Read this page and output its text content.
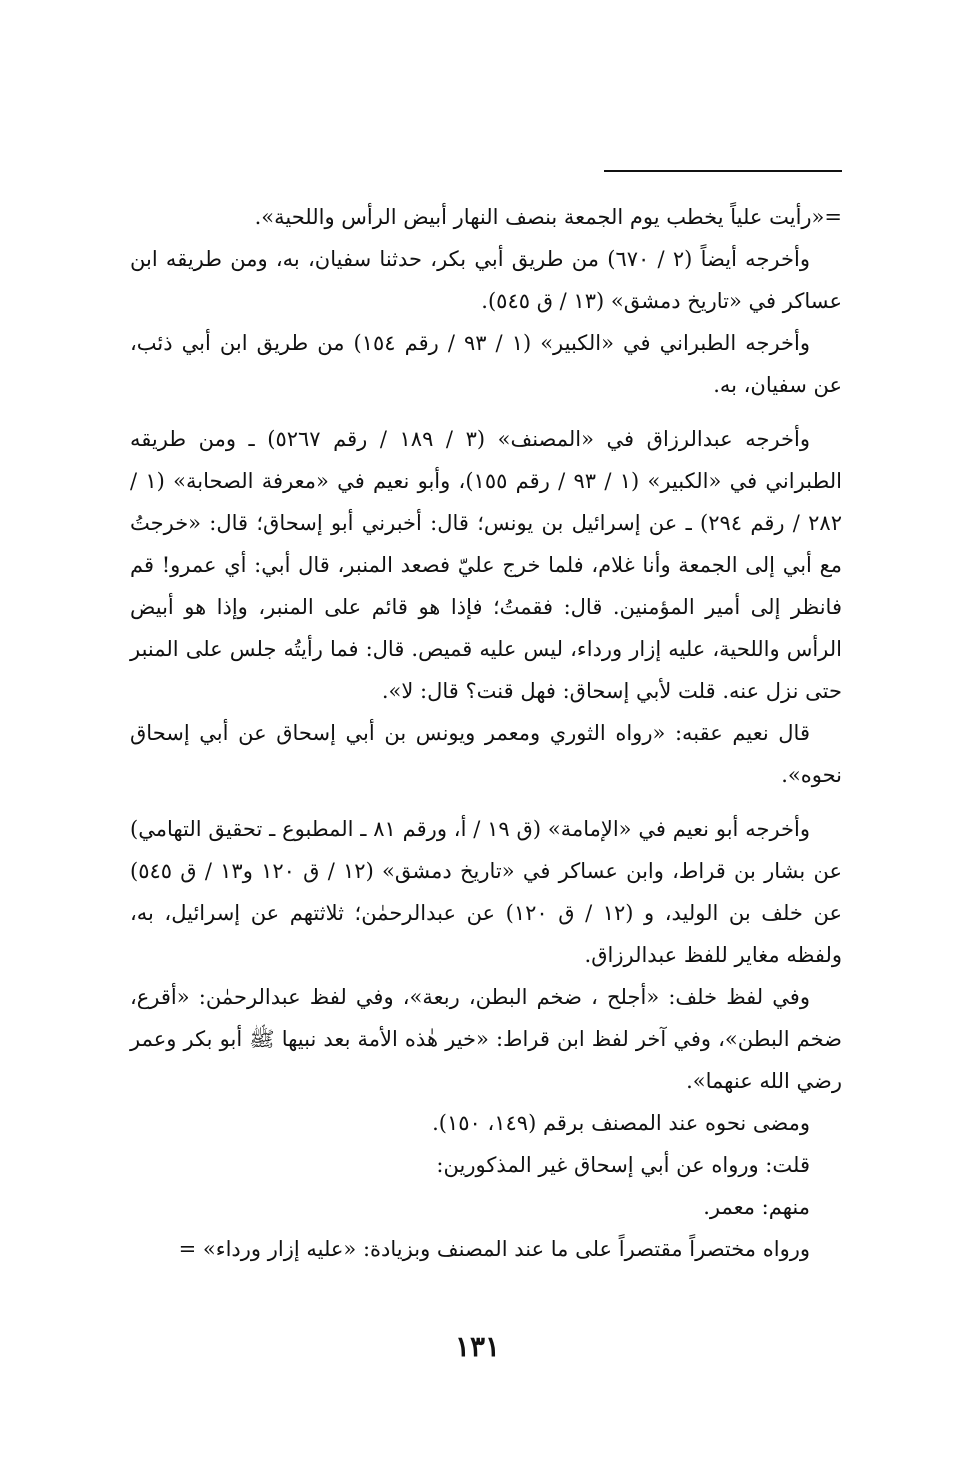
=«رأيت علياً يخطب يوم الجمعة بنصف النهار أبيض الرأس واللحية».

وأخرجه أيضاً (٢ / ٦٧٠) من طريق أبي بكر، حدثنا سفيان، به، ومن طريقه ابن عساكر في «تاريخ دمشق» (١٣ / ق ٥٤٥).

وأخرجه الطبراني في «الكبير» (١ / ٩٣ / رقم ١٥٤) من طريق ابن أبي ذئب، عن سفيان، به.

وأخرجه عبدالرزاق في «المصنف» (٣ / ١٨٩ / رقم ٥٢٦٧) ـ ومن طريقه الطبراني في «الكبير» (١ / ٩٣ / رقم ١٥٥)، وأبو نعيم في «معرفة الصحابة» (١ / ٢٨٢ / رقم ٢٩٤) ـ عن إسرائيل بن يونس؛ قال: أخبرني أبو إسحاق؛ قال: «خرجتُ مع أبي إلى الجمعة وأنا غلام، فلما خرج عليّ فصعد المنبر، قال أبي: أي عمرو! قم فانظر إلى أمير المؤمنين. قال: فقمتُ؛ فإذا هو قائم على المنبر، وإذا هو أبيض الرأس واللحية، عليه إزار ورداء، ليس عليه قميص. قال: فما رأيتُه جلس على المنبر حتى نزل عنه. قلت لأبي إسحاق: فهل قنت؟ قال: لا».

قال نعيم عقبه: «رواه الثوري ومعمر ويونس بن أبي إسحاق عن أبي إسحاق نحوه».

وأخرجه أبو نعيم في «الإمامة» (ق ١٩ / أ، ورقم ٨١ ـ المطبوع ـ تحقيق التهامي) عن بشار بن قراط، وابن عساكر في «تاريخ دمشق» (١٢ / ق ١٢٠ و١٣ / ق ٥٤٥) عن خلف بن الوليد، و (١٢ / ق ١٢٠) عن عبدالرحمٰن؛ ثلاثتهم عن إسرائيل، به، ولفظه مغاير للفظ عبدالرزاق.

وفي لفظ خلف: «أجلح ، ضخم البطن، ربعة»، وفي لفظ عبدالرحمٰن: «أقرع، ضخم البطن»، وفي آخر لفظ ابن قراط: «خير هٰذه الأمة بعد نبيها ﷺ أبو بكر وعمر رضي الله عنهما».

ومضى نحوه عند المصنف برقم (١٤٩، ١٥٠).

قلت: ورواه عن أبي إسحاق غير المذكورين:

منهم: معمر.

ورواه مختصراً مقتصراً على ما عند المصنف وبزيادة: «عليه إزار ورداء» =

١٣١
